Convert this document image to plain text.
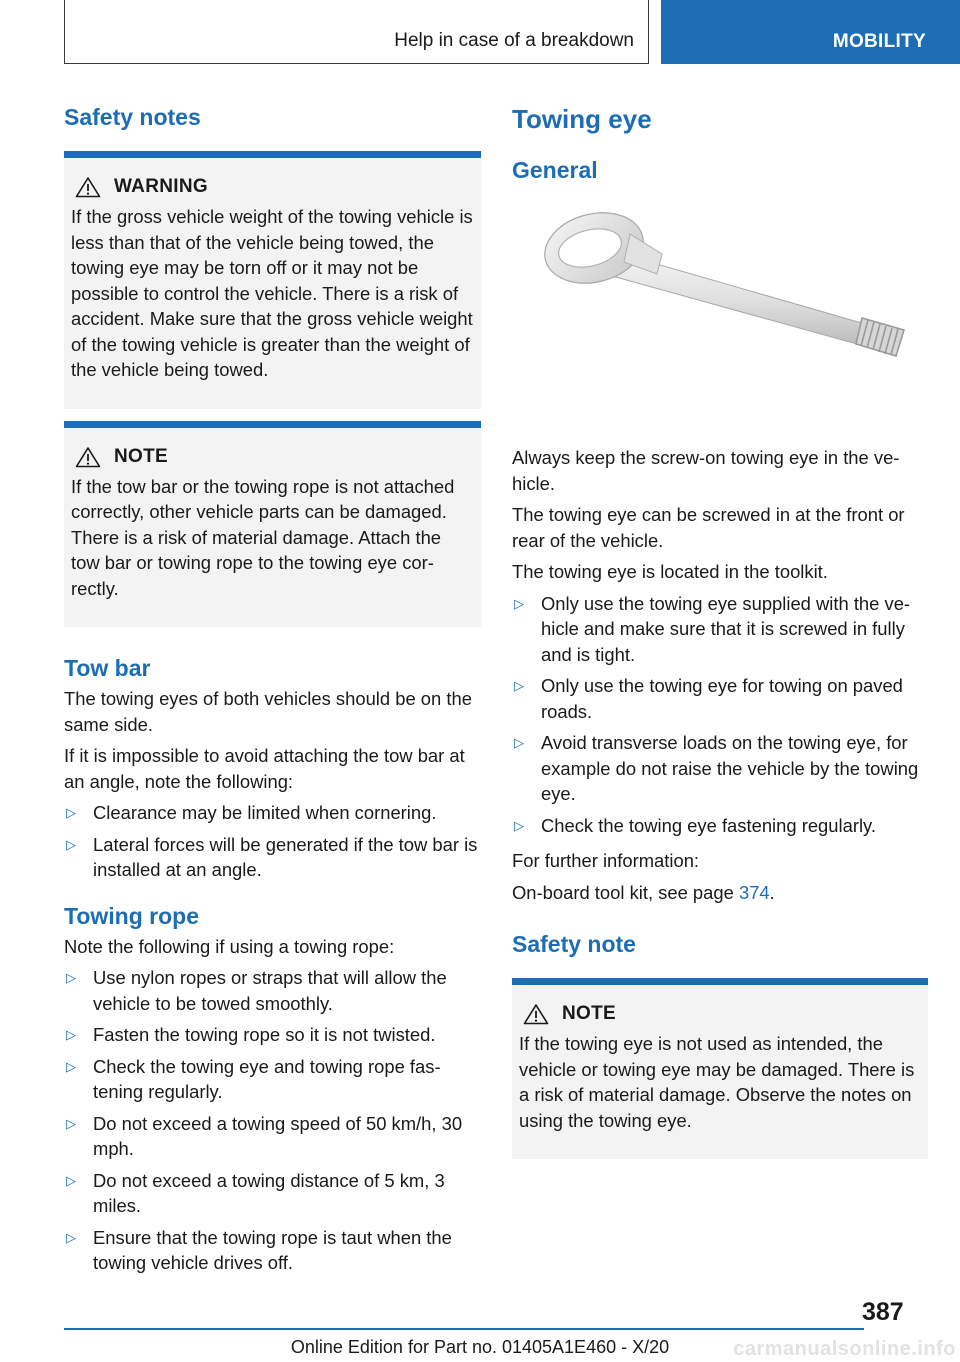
Help in case of a breakdown	MOBILITY
Safety notes
WARNING
If the gross vehicle weight of the towing vehicle is less than that of the vehicle being towed, the towing eye may be torn off or it may not be possible to control the vehicle. There is a risk of accident. Make sure that the gross vehicle weight of the towing vehicle is greater than the weight of the vehicle being towed.
NOTE
If the tow bar or the towing rope is not attached correctly, other vehicle parts can be damaged. There is a risk of material damage. Attach the tow bar or towing rope to the towing eye correctly.
Tow bar

The towing eyes of both vehicles should be on the same side.

If it is impossible to avoid attaching the tow bar at an angle, note the following:

▷ Clearance may be limited when cornering.
▷ Lateral forces will be generated if the tow bar is installed at an angle.
Towing rope

Note the following if using a towing rope:

▷ Use nylon ropes or straps that will allow the vehicle to be towed smoothly.
▷ Fasten the towing rope so it is not twisted.
▷ Check the towing eye and towing rope fastening regularly.
▷ Do not exceed a towing speed of 50 km/h, 30 mph.
▷ Do not exceed a towing distance of 5 km, 3 miles.
▷ Ensure that the towing rope is taut when the towing vehicle drives off.
Towing eye
General

Always keep the screw-on towing eye in the vehicle.

The towing eye can be screwed in at the front or rear of the vehicle.

The towing eye is located in the toolkit.

▷ Only use the towing eye supplied with the vehicle and make sure that it is screwed in fully and is tight.
▷ Only use the towing eye for towing on paved roads.
▷ Avoid transverse loads on the towing eye, for example do not raise the vehicle by the towing eye.
▷ Check the towing eye fastening regularly.

For further information:

On-board tool kit, see page 374.

Safety note
NOTE
If the towing eye is not used as intended, the vehicle or towing eye may be damaged. There is a risk of material damage. Observe the notes on using the towing eye.
387
Online Edition for Part no. 01405A1E460 - X/20	carmanualsonline.info
